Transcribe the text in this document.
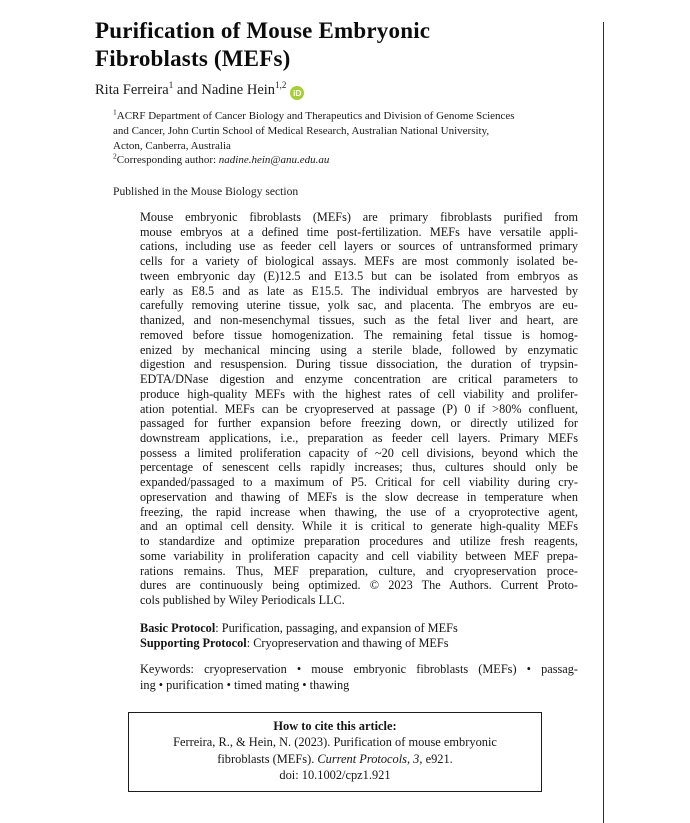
Purification of Mouse Embryonic
Fibroblasts (MEFs)
Rita Ferreira$^1$ and Nadine Hein$^{1,2}$iD
$^1$ACRF Department of Cancer Biology and Therapeutics and Division of Genome Sciences
and Cancer, John Curtin School of Medical Research, Australian National University,
Acton, Canberra, Australia
$^2$Corresponding author: nadine.hein@anu.edu.au
Published in the Mouse Biology section
Mouse embryonic fibroblasts (MEFs) are primary fibroblasts purified from
mouse embryos at a defined time post-fertilization. MEFs have versatile appli-
cations, including use as feeder cell layers or sources of untransformed primary
cells for a variety of biological assays. MEFs are most commonly isolated be-
tween embryonic day (E)12.5 and E13.5 but can be isolated from embryos as
early as E8.5 and as late as E15.5. The individual embryos are harvested by
carefully removing uterine tissue, yolk sac, and placenta. The embryos are eu-
thanized, and non-mesenchymal tissues, such as the fetal liver and heart, are
removed before tissue homogenization. The remaining fetal tissue is homog-
enized by mechanical mincing using a sterile blade, followed by enzymatic
digestion and resuspension. During tissue dissociation, the duration of trypsin-
EDTA/DNase digestion and enzyme concentration are critical parameters to
produce high-quality MEFs with the highest rates of cell viability and prolifer-
ation potential. MEFs can be cryopreserved at passage (P) 0 if >80% confluent,
passaged for further expansion before freezing down, or directly utilized for
downstream applications, i.e., preparation as feeder cell layers. Primary MEFs
possess a limited proliferation capacity of ~20 cell divisions, beyond which the
percentage of senescent cells rapidly increases; thus, cultures should only be
expanded/passaged to a maximum of P5. Critical for cell viability during cry-
opreservation and thawing of MEFs is the slow decrease in temperature when
freezing, the rapid increase when thawing, the use of a cryoprotective agent,
and an optimal cell density. While it is critical to generate high-quality MEFs
to standardize and optimize preparation procedures and utilize fresh reagents,
some variability in proliferation capacity and cell viability between MEF prepa-
rations remains. Thus, MEF preparation, culture, and cryopreservation proce-
dures are continuously being optimized. © 2023 The Authors. Current Proto-
cols published by Wiley Periodicals LLC.
Basic Protocol: Purification, passaging, and expansion of MEFs
Supporting Protocol: Cryopreservation and thawing of MEFs
Keywords: cryopreservation • mouse embryonic fibroblasts (MEFs) • passag-
ing • purification • timed mating • thawing
How to cite this article:
Ferreira, R., & Hein, N. (2023). Purification of mouse embryonic
fibroblasts (MEFs). Current Protocols, 3, e921.
doi: 10.1002/cpz1.921
